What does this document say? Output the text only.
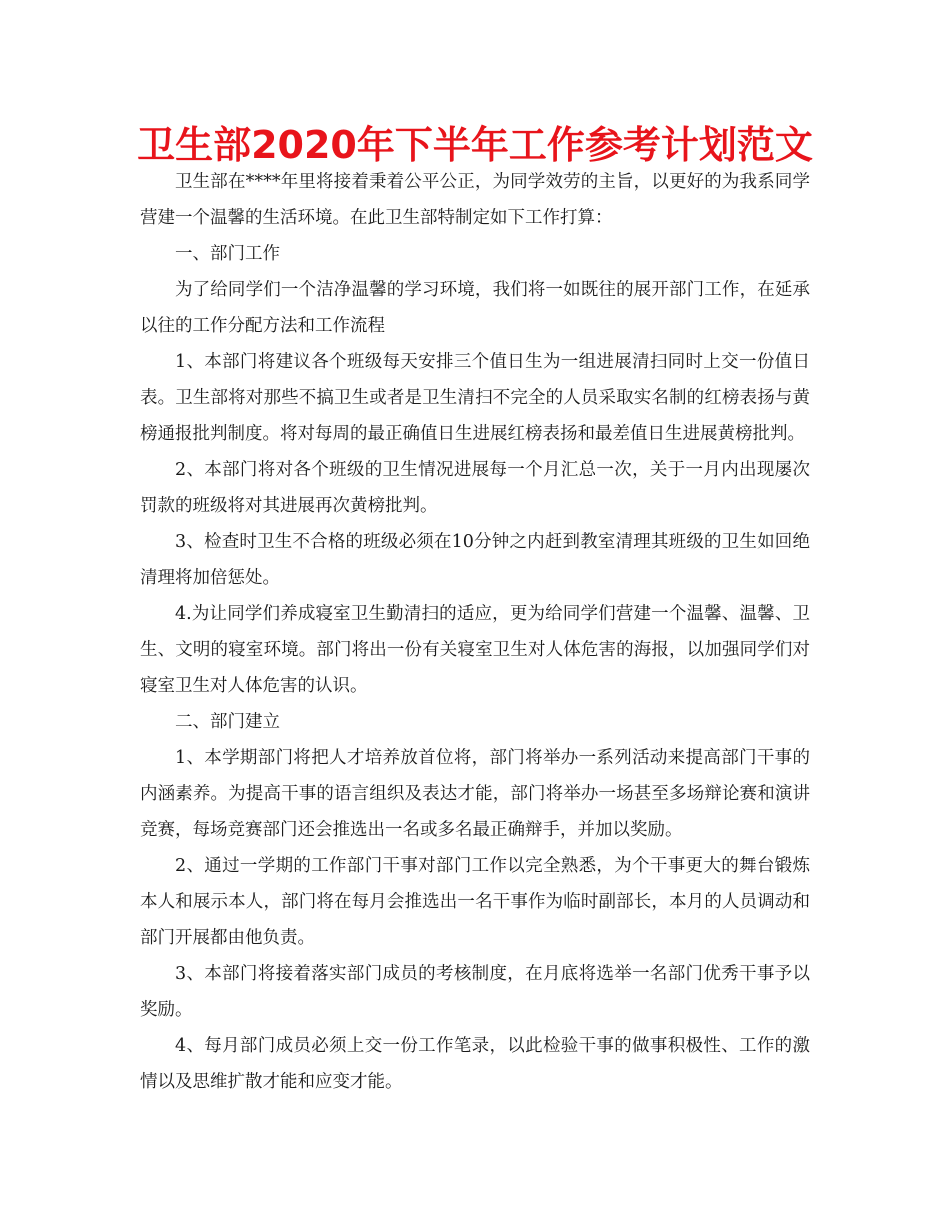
卫生部2020年下半年工作参考计划范文

卫生部在****年里将接着秉着公平公正，为同学效劳的主旨，以更好的为我系同学营建一个温馨的生活环境。在此卫生部特制定如下工作打算：

一、部门工作

为了给同学们一个洁净温馨的学习环境，我们将一如既往的展开部门工作，在延承以往的工作分配方法和工作流程

1、本部门将建议各个班级每天安排三个值日生为一组进展清扫同时上交一份值日表。卫生部将对那些不搞卫生或者是卫生清扫不完全的人员采取实名制的红榜表扬与黄榜通报批判制度。将对每周的最正确值日生进展红榜表扬和最差值日生进展黄榜批判。

2、本部门将对各个班级的卫生情况进展每一个月汇总一次，关于一月内出现屡次罚款的班级将对其进展再次黄榜批判。

3、检查时卫生不合格的班级必须在10分钟之内赶到教室清理其班级的卫生如回绝清理将加倍惩处。

4.为让同学们养成寝室卫生勤清扫的适应，更为给同学们营建一个温馨、温馨、卫生、文明的寝室环境。部门将出一份有关寝室卫生对人体危害的海报，以加强同学们对寝室卫生对人体危害的认识。

二、部门建立

1、本学期部门将把人才培养放首位将，部门将举办一系列活动来提高部门干事的内涵素养。为提高干事的语言组织及表达才能，部门将举办一场甚至多场辩论赛和演讲竞赛，每场竞赛部门还会推选出一名或多名最正确辩手，并加以奖励。

2、通过一学期的工作部门干事对部门工作以完全熟悉，为个干事更大的舞台锻炼本人和展示本人，部门将在每月会推选出一名干事作为临时副部长，本月的人员调动和部门开展都由他负责。

3、本部门将接着落实部门成员的考核制度，在月底将选举一名部门优秀干事予以奖励。

4、每月部门成员必须上交一份工作笔录，以此检验干事的做事积极性、工作的激情以及思维扩散才能和应变才能。
